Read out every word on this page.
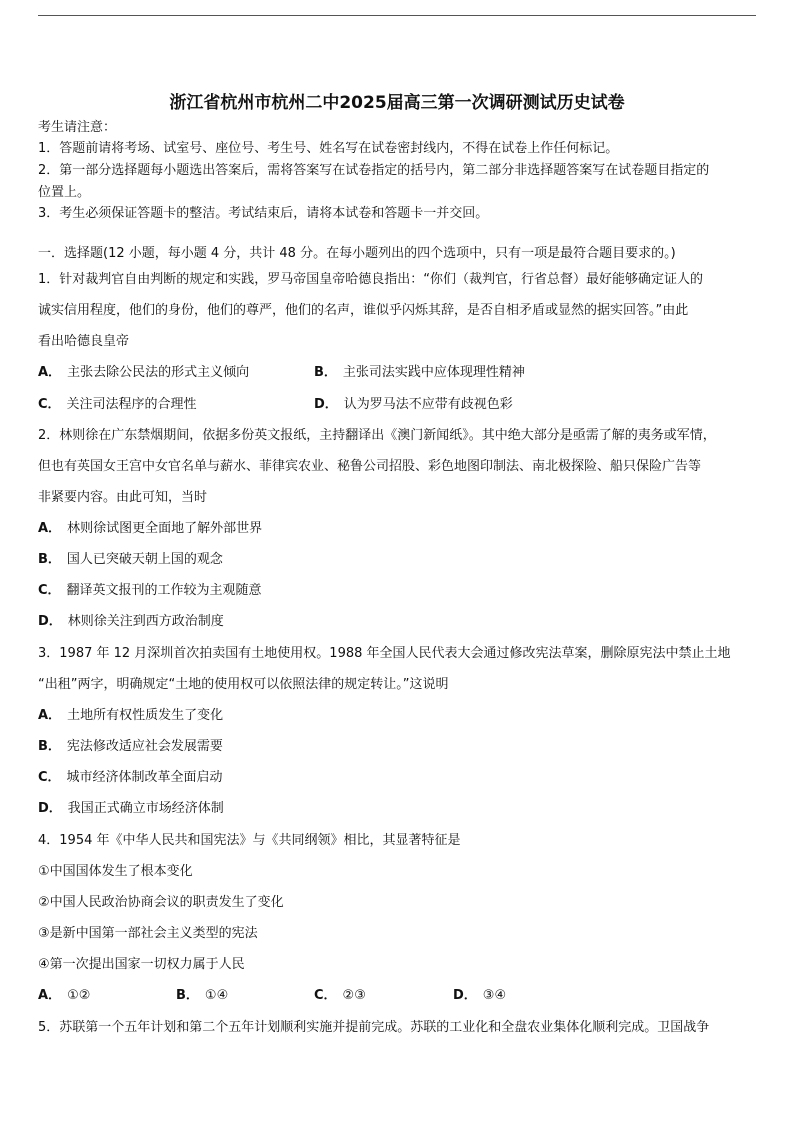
浙江省杭州市杭州二中2025届高三第一次调研测试历史试卷
考生请注意：
1．答题前请将考场、试室号、座位号、考生号、姓名写在试卷密封线内，不得在试卷上作任何标记。
2．第一部分选择题每小题选出答案后，需将答案写在试卷指定的括号内，第二部分非选择题答案写在试卷题目指定的
位置上。
3．考生必须保证答题卡的整洁。考试结束后，请将本试卷和答题卡一并交回。
一．选择题(12 小题，每小题 4 分，共计 48 分。在每小题列出的四个选项中，只有一项是最符合题目要求的。)
1．针对裁判官自由判断的规定和实践，罗马帝国皇帝哈德良指出：“你们（裁判官，行省总督）最好能够确定证人的
诚实信用程度，他们的身份，他们的尊严，他们的名声，谁似乎闪烁其辞，是否自相矛盾或显然的据实回答。”由此
看出哈德良皇帝
A． 主张去除公民法的形式主义倾向	B． 主张司法实践中应体现理性精神
C． 关注司法程序的合理性	D． 认为罗马法不应带有歧视色彩
2．林则徐在广东禁烟期间，依据多份英文报纸，主持翻译出《澳门新闻纸》。其中绝大部分是亟需了解的夷务或军情，
但也有英国女王宫中女官名单与薪水、菲律宾农业、秘鲁公司招股、彩色地图印制法、南北极探险、船只保险广告等
非紧要内容。由此可知，当时
A． 林则徐试图更全面地了解外部世界
B． 国人已突破天朝上国的观念
C． 翻译英文报刊的工作较为主观随意
D． 林则徐关注到西方政治制度
3．1987 年 12 月深圳首次拍卖国有土地使用权。1988 年全国人民代表大会通过修改宪法草案，删除原宪法中禁止土地
“出租”两字，明确规定“土地的使用权可以依照法律的规定转让。”这说明
A． 土地所有权性质发生了变化
B． 宪法修改适应社会发展需要
C． 城市经济体制改革全面启动
D． 我国正式确立市场经济体制
4．1954 年《中华人民共和国宪法》与《共同纲领》相比，其显著特征是
①中国国体发生了根本变化
②中国人民政治协商会议的职责发生了变化
③是新中国第一部社会主义类型的宪法
④第一次提出国家一切权力属于人民
A． ①②	B． ①④	C． ②③	D． ③④
5．苏联第一个五年计划和第二个五年计划顺利实施并提前完成。苏联的工业化和全盘农业集体化顺利完成。卫国战争
